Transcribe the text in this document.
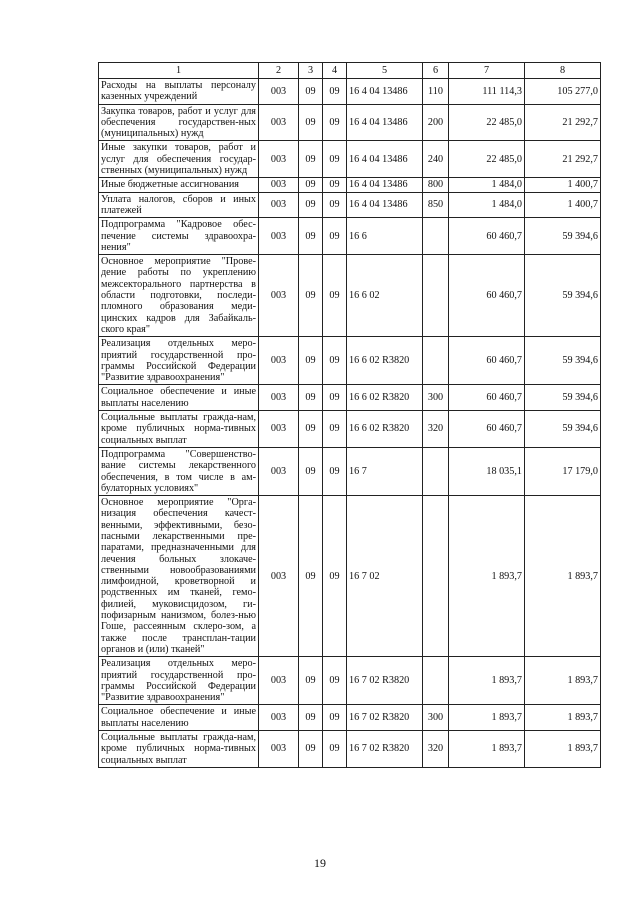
1	2	3	4	5	6	7	8
Расходы на выплаты персоналу казенных учреждений	003	09	09	16 4 04 13486	110	111 114,3	105 277,0
Закупка товаров, работ и услуг для обеспечения государствен-ных (муниципальных) нужд	003	09	09	16 4 04 13486	200	22 485,0	21 292,7
Иные закупки товаров, работ и услуг для обеспечения государ-ственных (муниципальных) нужд	003	09	09	16 4 04 13486	240	22 485,0	21 292,7
Иные бюджетные ассигнования	003	09	09	16 4 04 13486	800	1 484,0	1 400,7
Уплата налогов, сборов и иных платежей	003	09	09	16 4 04 13486	850	1 484,0	1 400,7
Подпрограмма "Кадровое обес-печение системы здравоохра-нения"	003	09	09	16 6		60 460,7	59 394,6
Основное мероприятие "Прове-дение работы по укреплению межсекторального партнерства в области подготовки, последи-пломного образования меди-цинских кадров для Забайкаль-ского края"	003	09	09	16 6 02		60 460,7	59 394,6
Реализация отдельных меро-приятий государственной про-граммы Российской Федерации "Развитие здравоохранения"	003	09	09	16 6 02 R3820		60 460,7	59 394,6
Социальное обеспечение и иные выплаты населению	003	09	09	16 6 02 R3820	300	60 460,7	59 394,6
Социальные выплаты гражда-нам, кроме публичных норма-тивных социальных выплат	003	09	09	16 6 02 R3820	320	60 460,7	59 394,6
Подпрограмма "Совершенство-вание системы лекарственного обеспечения, в том числе в ам-булаторных условиях"	003	09	09	16 7		18 035,1	17 179,0
Основное мероприятие "Орга-низация обеспечения качест-венными, эффективными, безо-пасными лекарственными пре-паратами, предназначенными для лечения больных злокаче-ственными новообразованиями лимфоидной, кроветворной и родственных им тканей, гемо-филией, муковисцидозом, ги-пофизарным нанизмом, болез-нью Гоше, рассеянным склеро-зом, а также после трансплан-тации органов и (или) тканей"	003	09	09	16 7 02		1 893,7	1 893,7
Реализация отдельных меро-приятий государственной про-граммы Российской Федерации "Развитие здравоохранения"	003	09	09	16 7 02 R3820		1 893,7	1 893,7
Социальное обеспечение и иные выплаты населению	003	09	09	16 7 02 R3820	300	1 893,7	1 893,7
Социальные выплаты гражда-нам, кроме публичных норма-тивных социальных выплат	003	09	09	16 7 02 R3820	320	1 893,7	1 893,7
19
